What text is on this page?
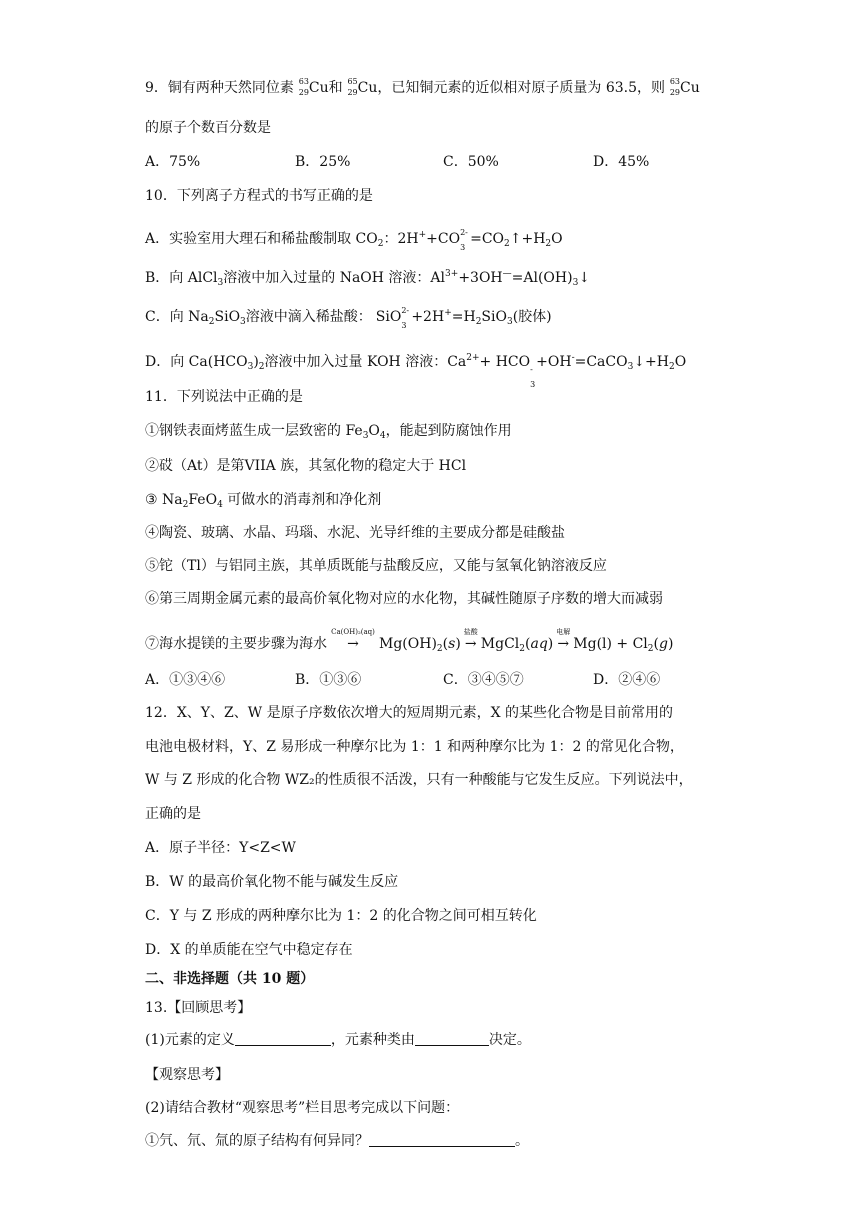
9．铜有两种天然同位素 63
29 Cu和 65
29 Cu，已知铜元素的近似相对原子质量为 63.5，则 63
29 Cu
的原子个数百分数是
A．75%	B．25%	C．50%	D．45%
10．下列离子方程式的书写正确的是
A．实验室用大理石和稀盐酸制取 $CO_2$：2H++CO 2-
3
$=CO_2↑+H_2O$
B．向 AlCl$_3$溶液中加入过量的 NaOH 溶液：$Al^{3+}+3OH^—=Al(OH)_3↓$
C．向 $Na_2SiO_3$溶液中滴入稀盐酸： SiO 2-
3
$+2H^+=H_2SiO_3$(胶体)
D．向 $Ca(HCO_3)_2$溶液中加入过量 KOH 溶液：$Ca^{2+}+$ HCO -
3
$+OH^-=CaCO_3↓+H_2O$
11．下列说法中正确的是
①钢铁表面烤蓝生成一层致密的 $Fe_3O_4$，能起到防腐蚀作用
②砹（At）是第VIIA 族，其氢化物的稳定大于 HCl
③ $Na_2FeO_4$ 可做水的消毒剂和净化剂
④陶瓷、玻璃、水晶、玛瑙、水泥、光导纤维的主要成分都是硅酸盐
⑤铊（Tl）与铝同主族，其单质既能与盐酸反应，又能与氢氧化钠溶液反应
⑥第三周期金属元素的最高价氧化物对应的水化物，其碱性随原子序数的增大而减弱
⑦海水提镁的主要步骤为海水
Ca(OH)₂(aq)
→ $Mg(OH)_2(s)$
盐酸
→ MgCl$_2$(aq)
电解
→ $Mg(l) + Cl_2(g)$
A．①③④⑥	B．①③⑥	C．③④⑤⑦	D．②④⑥
12．X、Y、Z、W 是原子序数依次增大的短周期元素，X 的某些化合物是目前常用的
电池电极材料，Y、Z 易形成一种摩尔比为 1：1 和两种摩尔比为 1：2 的常见化合物，
W 与 Z 形成的化合物 WZ₂的性质很不活泼，只有一种酸能与它发生反应。下列说法中，
正确的是
A．原子半径：Y<Z<W
B．W 的最高价氧化物不能与碱发生反应
C．Y 与 Z 形成的两种摩尔比为 1：2 的化合物之间可相互转化
D．X 的单质能在空气中稳定存在
二、非选择题（共 10 题）
13.【回顾思考】
(1)元素的定义	，元素种类由	决定。
【观察思考】
(2)请结合教材“观察思考”栏目思考完成以下问题：
①氕、氘、氚的原子结构有何异同？	。
